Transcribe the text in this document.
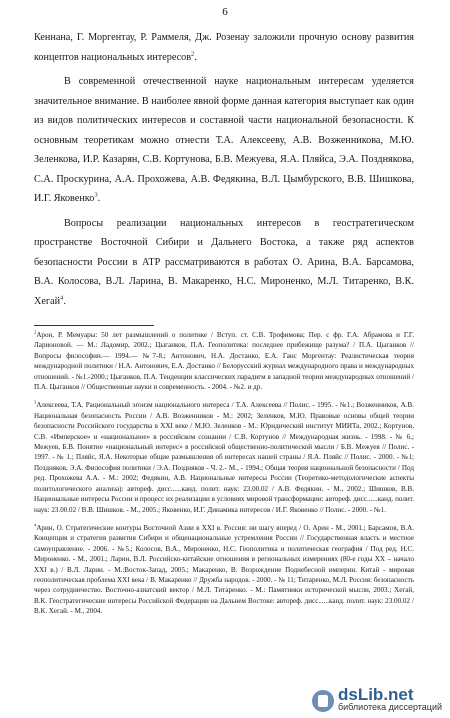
6

Кеннана, Г. Моргентау, Р. Раммеля, Дж. Розенау заложили прочную основу развития концептов национальных интересов$^2$.

В современной отечественной науке национальным интересам уделяется значительное внимание. В наиболее явной форме данная категория выступает как один из видов политических интересов и составной части национальной безопасности. К основным теоретикам можно отнести Т.А. Алексееву, А.В. Возженникова, М.Ю. Зеленкова, И.Р. Казарян, С.В. Кортунова, Б.В. Межуева, Я.А. Пляйса, Э.А. Позднякова, С.А. Проскурина, А.А. Прохожева, А.В. Федякина, В.Л. Цымбурского, В.В. Шишкова, И.Г. Яковенко$^3$.

Вопросы реализации национальных интересов в геостратегическом пространстве Восточной Сибири и Дальнего Востока, а также ряд аспектов безопасности России в АТР рассматриваются в работах О. Арина, В.А. Барсамова, В.А. Колосова, В.Л. Ларина, В. Макаренко, Н.С. Мироненко, М.Л. Титаренко, В.К. Хегай$^4$.

$^2$Арон, Р. Мемуары: 50 лет размышлений о политике / Вступ. ст. С.В. Трофимова; Пер. с фр. Г.А. Абрамова и Г.Г. Ларионовой. — М.: Ладомир, 2002.; Цыганков, П.А. Геополитика: последнее прибежище разума? / П.А. Цыганков // Вопросы философии.— 1994.— №7-8.; Антонович, Н.А. Достанко, Е.А. Ганс Моргентау: Реалистическая теория международной политики / Н.А. Антонович, Е.А. Достанко // Белорусский журнал международного права и международных отношений. - №1.-2000.; Цыганков, П.А. Тенденции классических парадигм в западной теории международных отношений / П.А. Цыганков // Общественные науки и современность. - 2004. - №2. и др.

$^3$Алексеева, Т.А. Рациональный эгоизм национального интереса / Т.А. Алексеева // Полис. - 1995. - №1.; Возженников, А.В. Национальная безопасность России / А.В. Возженников - М.: 2002; Зеленков, М.Ю. Правовые основы общей теории безопасности Российского государства в XXI веке / М.Ю. Зеленков - М.: Юридический институт МИИТа, 2002.; Кортунов, С.В. «Имперское» и «национальное» в российском сознании / С.В. Кортунов // Международная жизнь. - 1998. - № 6.; Межуев, Б.В. Понятие «национальный интерес» в российской общественно-политической мысли / Б.В. Межуев // Полис. - 1997. - № 1.; Пляйс, Я.А. Некоторые общие размышления об интересах нашей страны / Я.А. Пляйс // Полис. - 2000. - №1; Поздняков, Э.А. Философия политики / Э.А. Поздняков - Ч. 2.- М., - 1994.; Общая теория национальной безопасности / Под ред. Прохожева А.А. - М.: 2002; Федякин, А.В. Национальные интересы России (Теоретико-методологические аспекты политологического анализа): автореф. дисс......канд. полит. наук: 23.00.02 / А.В. Федякин. - М., 2002.; Шишков, В.В. Национальные интересы России и процесс их реализации в условиях мировой трансформации: автореф. дисс......канд. полит. наук: 23.00.02 / В.В. Шишков. - М., 2005.; Яковенко, И.Г. Динамика интересов / И.Г. Яковенко // Полис. - 2000. - №1.

$^4$Арин, О. Стратегические контуры Восточной Азии в XXI в. Россия: ни шагу вперед / О. Арин - М., 2001.; Барсамов, В.А. Концепция и стратегия развития Сибири и общенациональные устремления России // Государственная власть и местное самоуправление. - 2006. - №5.; Колосов, В.А., Мироненко, Н.С. Геополитика и политическая география / Под ред. Н.С. Мироненко. - М., 2001.; Ларин, В.Л. Российско-китайские отношения в региональных измерениях (80-е годы XX – начало XXI в.) / В.Л. Ларин. - М.:Восток-Запад, 2005.; Макаренко, В. Возрождение Поднебесной империи. Китай - мировая геополитическая проблема XXI века / В. Макаренко // Дружба народов. - 2000. - № 11; Титаренко, М.Л. Россия: безопасность через сотрудничество. Восточно-азиатский вектор / М.Л. Титаренко. - М.: Памятники исторической мысли, 2003.; Хегай, В.К. Геостратегические интересы Российской Федерации на Дальнем Востоке: автореф. дисс......канд. полит. наук: 23.00.02 / В.К. Хегай. - М., 2004.

dsLib.net
библиотека диссертаций
